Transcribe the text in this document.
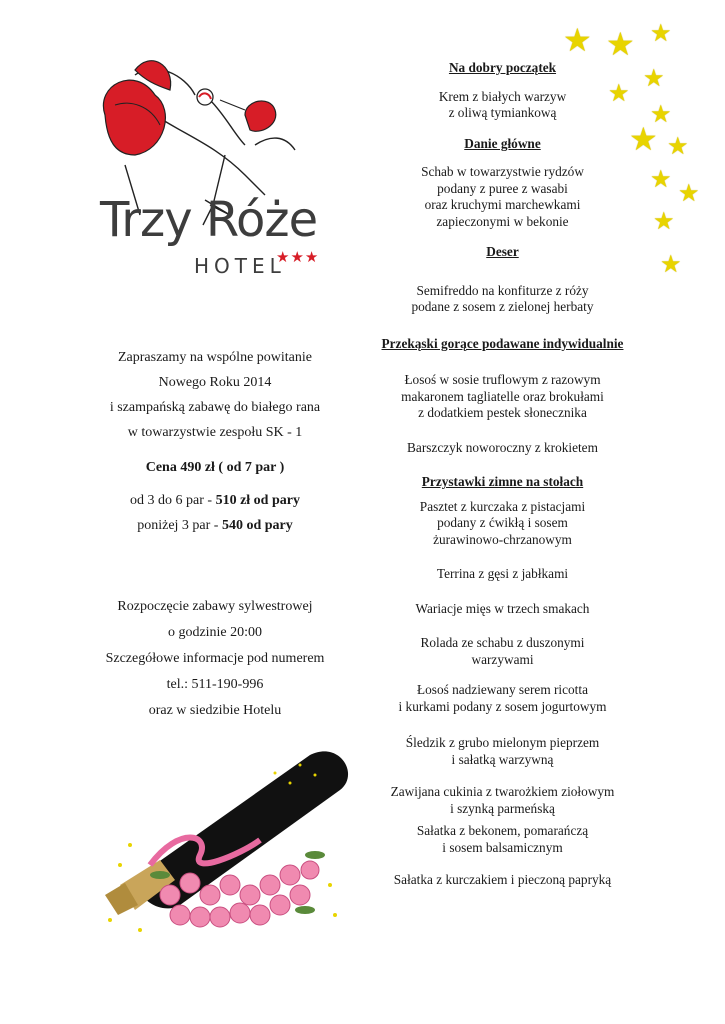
Trzy Róże
HOTEL
★★★

Zapraszamy na wspólne powitanie

Nowego Roku 2014

i szampańską zabawę do białego rana

w towarzystwie zespołu SK - 1

Cena 490 zł ( od 7 par )

od 3 do 6 par - 510 zł od pary

poniżej 3 par - 540 od pary

Rozpoczęcie zabawy sylwestrowej

o godzinie 20:00

Szczegółowe informacje pod numerem

tel.: 511-190-996

oraz w siedzibie Hotelu

Na dobry początek
Krem z białych warzyw
z oliwą tymiankową
Danie główne
Schab w towarzystwie rydzów
podany z puree z wasabi
oraz kruchymi marchewkami
zapieczonymi w bekonie
Deser
Semifreddo na konfiturze z róży
podane z sosem z zielonej herbaty
Przekąski gorące podawane indywidualnie
Łosoś w sosie truflowym z razowym
makaronem tagliatelle oraz brokułami
z dodatkiem pestek słonecznika
Barszczyk noworoczny z krokietem
Przystawki zimne na stołach
Pasztet z kurczaka z pistacjami
podany z ćwikłą i sosem
żurawinowo-chrzanowym
Terrina z gęsi z jabłkami
Wariacje mięs w trzech smakach
Rolada ze schabu z duszonymi
warzywami
Łosoś nadziewany serem ricotta
i kurkami podany z sosem jogurtowym
Śledzik z grubo mielonym pieprzem
i sałatką warzywną
Zawijana cukinia z twarożkiem ziołowym
i szynką parmeńską
Sałatka z bekonem, pomarańczą
i sosem balsamicznym
Sałatka z kurczakiem i pieczoną papryką
★ ★ ★
★
★
★
★ ★
★
★
★
★
